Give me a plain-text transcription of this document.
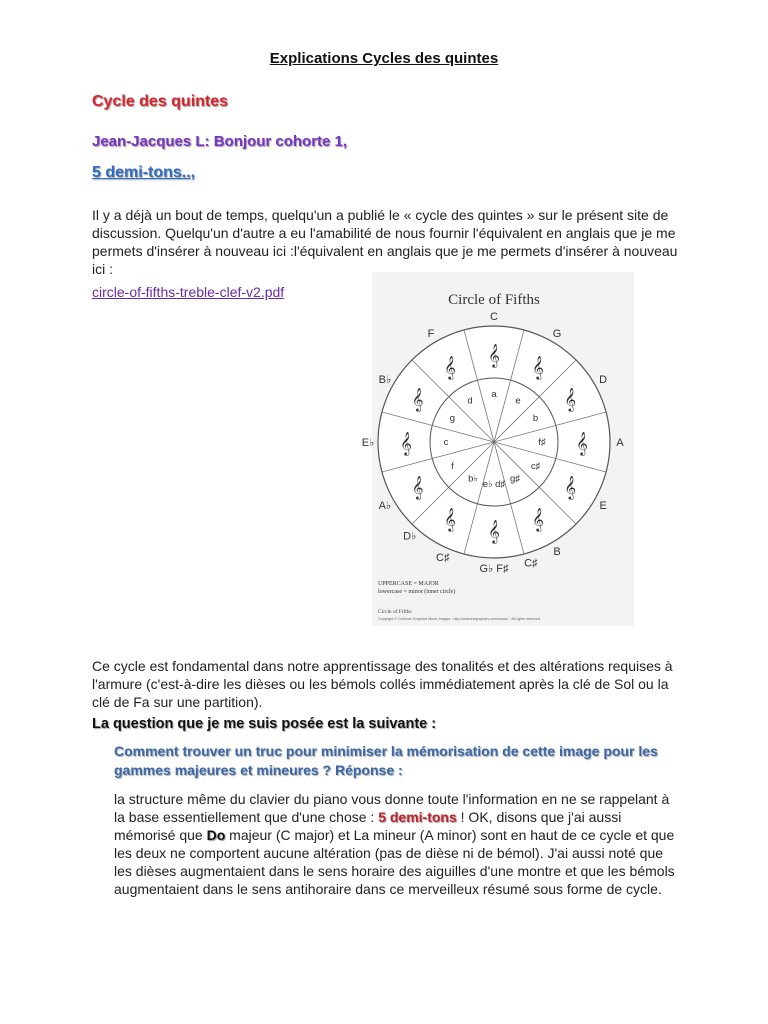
Explications Cycles des quintes
Cycle des quintes
Jean-Jacques L: Bonjour cohorte 1,
5 demi-tons..,
Il y a déjà un bout de temps, quelqu'un a publié le « cycle des quintes » sur le présent site de discussion. Quelqu'un d'autre a eu l'amabilité de nous fournir l'équivalent en anglais que je me permets d'insérer à nouveau ici :l'équivalent en anglais que je me permets d'insérer à nouveau ici :
circle-of-fifths-treble-clef-v2.pdf	Circle of Fifths
C
G
D
A
E
B
C♯
G♭ F♯
C♯
D♭
A♭
E♭
B♭
F
a
e
b
f♯
c♯
g♯
e♭ d♯
b♭
f
c
g
d
𝄞 𝄞
𝄞
𝄞
𝄞
𝄞
𝄞
𝄞
𝄞
𝄞
𝄞
𝄞
UPPERCASE = MAJOR
lowercase = minor (inner circle)
Circle of Fifths
Copyright © Cedrone Graphics Music Images · http://cedronegraphics.com/music/ · All rights reserved.
Ce cycle est fondamental dans notre apprentissage des tonalités et des altérations requises à l'armure (c'est-à-dire les dièses ou les bémols collés immédiatement après la clé de Sol ou la clé de Fa sur une partition).
La question que je me suis posée est la suivante :
Comment trouver un truc pour minimiser la mémorisation de cette image pour les gammes majeures et mineures ? Réponse :
la structure même du clavier du piano vous donne toute l'information en ne se rappelant à la base essentiellement que d'une chose : 5 demi-tons ! OK, disons que j'ai aussi mémorisé que Do majeur (C major) et La mineur (A minor) sont en haut de ce cycle et que les deux ne comportent aucune altération (pas de dièse ni de bémol). J'ai aussi noté que les dièses augmentaient dans le sens horaire des aiguilles d'une montre et que les bémols augmentaient dans le sens antihoraire dans ce merveilleux résumé sous forme de cycle.
